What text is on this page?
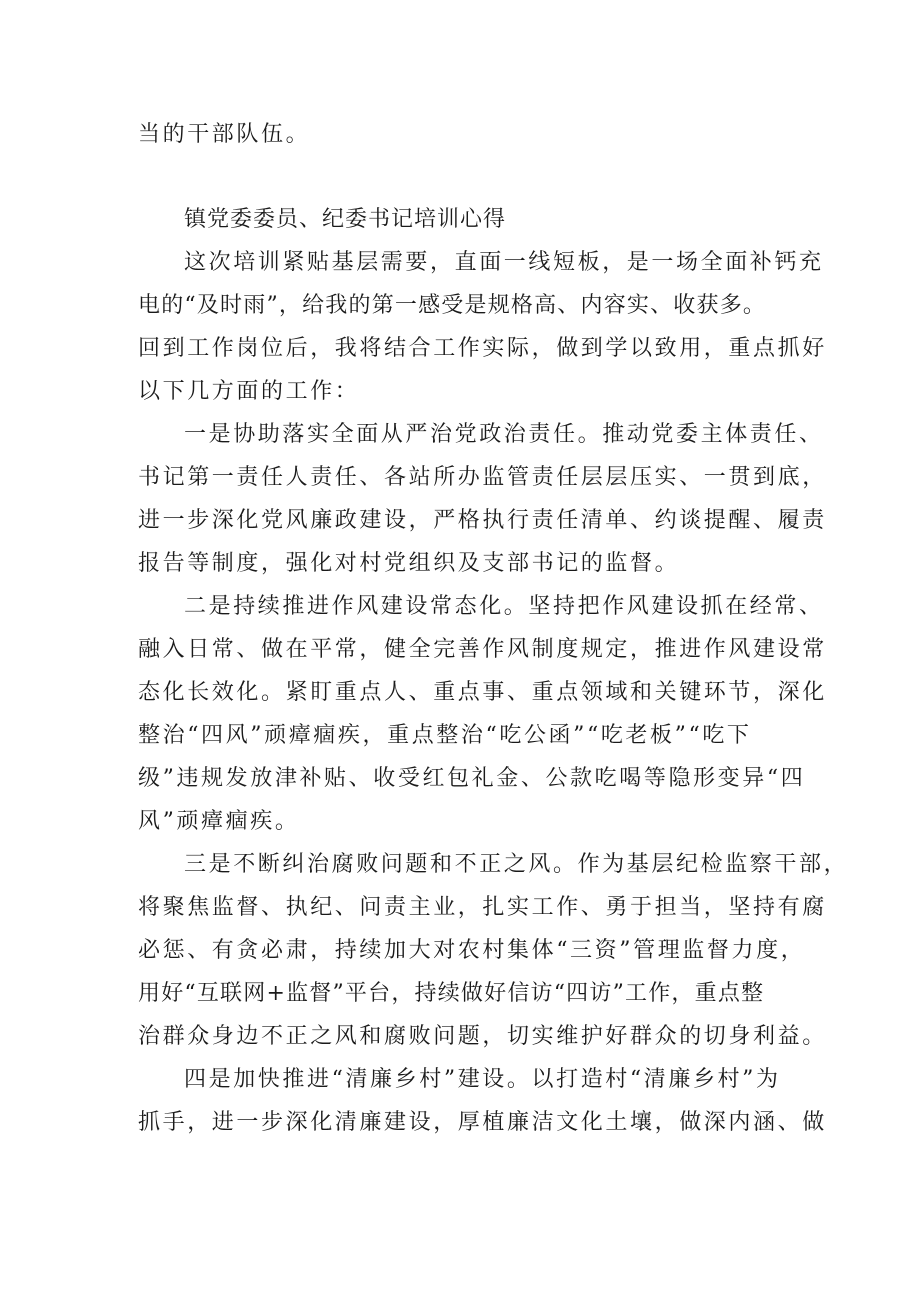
当的干部队伍。

镇党委委员、纪委书记培训心得

这次培训紧贴基层需要，直面一线短板，是一场全面补钙充

电的“及时雨”，给我的第一感受是规格高、内容实、收获多。

回到工作岗位后，我将结合工作实际，做到学以致用，重点抓好

以下几方面的工作：

一是协助落实全面从严治党政治责任。推动党委主体责任、

书记第一责任人责任、各站所办监管责任层层压实、一贯到底，

进一步深化党风廉政建设，严格执行责任清单、约谈提醒、履责

报告等制度，强化对村党组织及支部书记的监督。

二是持续推进作风建设常态化。坚持把作风建设抓在经常、

融入日常、做在平常，健全完善作风制度规定，推进作风建设常

态化长效化。紧盯重点人、重点事、重点领域和关键环节，深化

整治“四风”顽瘴痼疾，重点整治“吃公函”“吃老板”“吃下

级”违规发放津补贴、收受红包礼金、公款吃喝等隐形变异“四

风”顽瘴痼疾。

三是不断纠治腐败问题和不正之风。作为基层纪检监察干部，

将聚焦监督、执纪、问责主业，扎实工作、勇于担当，坚持有腐

必惩、有贪必肃，持续加大对农村集体“三资”管理监督力度，

用好“互联网+监督”平台，持续做好信访“四访”工作，重点整

治群众身边不正之风和腐败问题，切实维护好群众的切身利益。

四是加快推进“清廉乡村”建设。以打造村“清廉乡村”为

抓手，进一步深化清廉建设，厚植廉洁文化土壤，做深内涵、做
